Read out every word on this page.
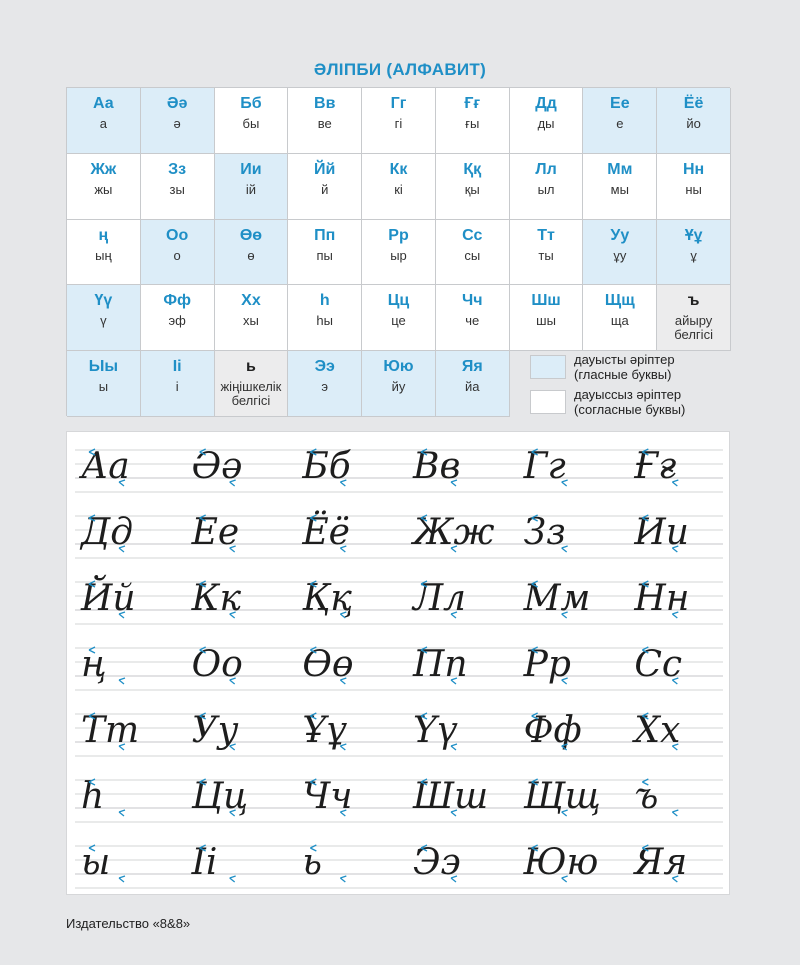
ӘЛІПБИ (АЛФАВИТ)
Аа
а
Әә
ә
Бб
бы
Вв
ве
Гг
гі
Ғғ
ғы
Дд
ды
Ее
е
Ёё
йо
Жж
жы
Зз
зы
Ии
ій
Йй
й
Кк
кі
Ққ
қы
Лл
ыл
Мм
мы
Нн
ны
ң
ың
Оо
о
Өө
ө
Пп
пы
Рр
ыр
Сс
сы
Тт
ты
Уу
ұу
Ұұ
ұ
Үү
ү
Фф
эф
Хх
хы
һ
һы
Цц
це
Чч
че
Шш
шы
Щщ
ща
ъ
айыру белгісі
Ыы
ы
Іі
і
ь
жіңішкелік белгісі
Ээ
э
Юю
йу
Яя
йа
дауысты әріптер (гласные буквы)
дауыссыз әріптер (согласные буквы)
Аа Әә Бб Вв Гг Ғғ
Дд Ее Ёё Жж Зз Ии
Йй Кк Ққ Лл Мм Нн
ң Оо Өө Пп Рр Сс
Тт Уу Ұұ Үү Фф Хх
һ Цц Чч Шш Щщ ъ
ы Іі ь	Ээ Юю Яя
Издательство «8&8»
